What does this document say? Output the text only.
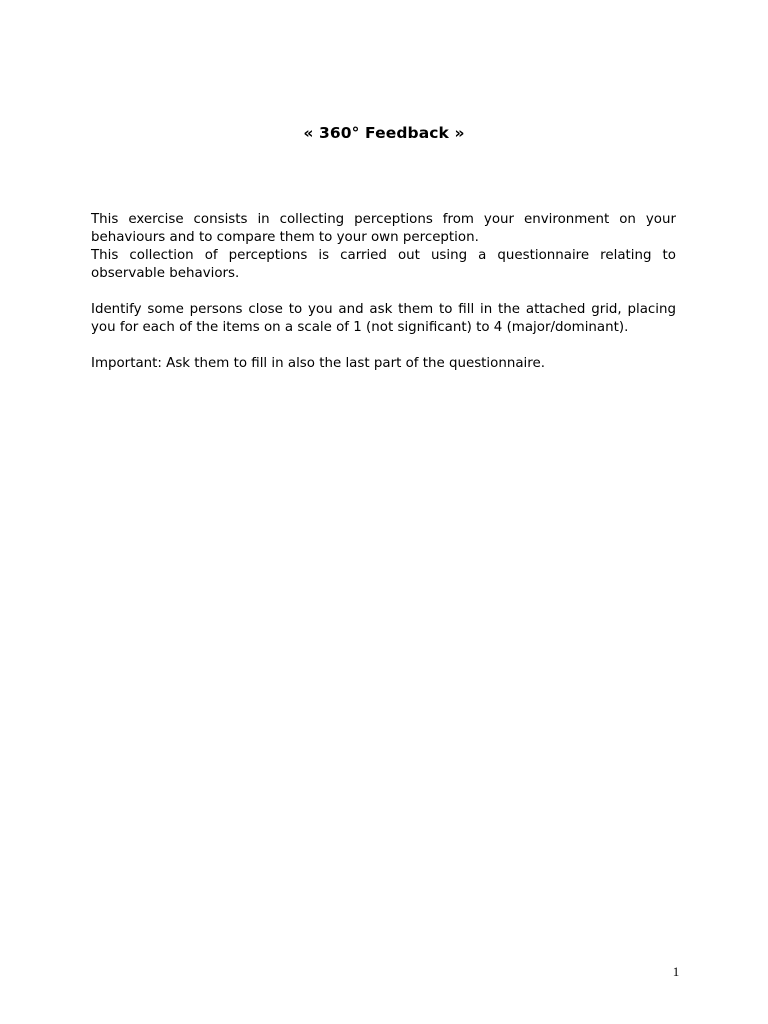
« 360° Feedback »

This exercise consists in collecting perceptions from your environment on your behaviours and to compare them to your own perception.

This collection of perceptions is carried out using a questionnaire relating to observable behaviors.

Identify some persons close to you and ask them to fill in the attached grid, placing you for each of the items on a scale of 1 (not significant) to 4 (major/dominant).

Important: Ask them to fill in also the last part of the questionnaire.

1
